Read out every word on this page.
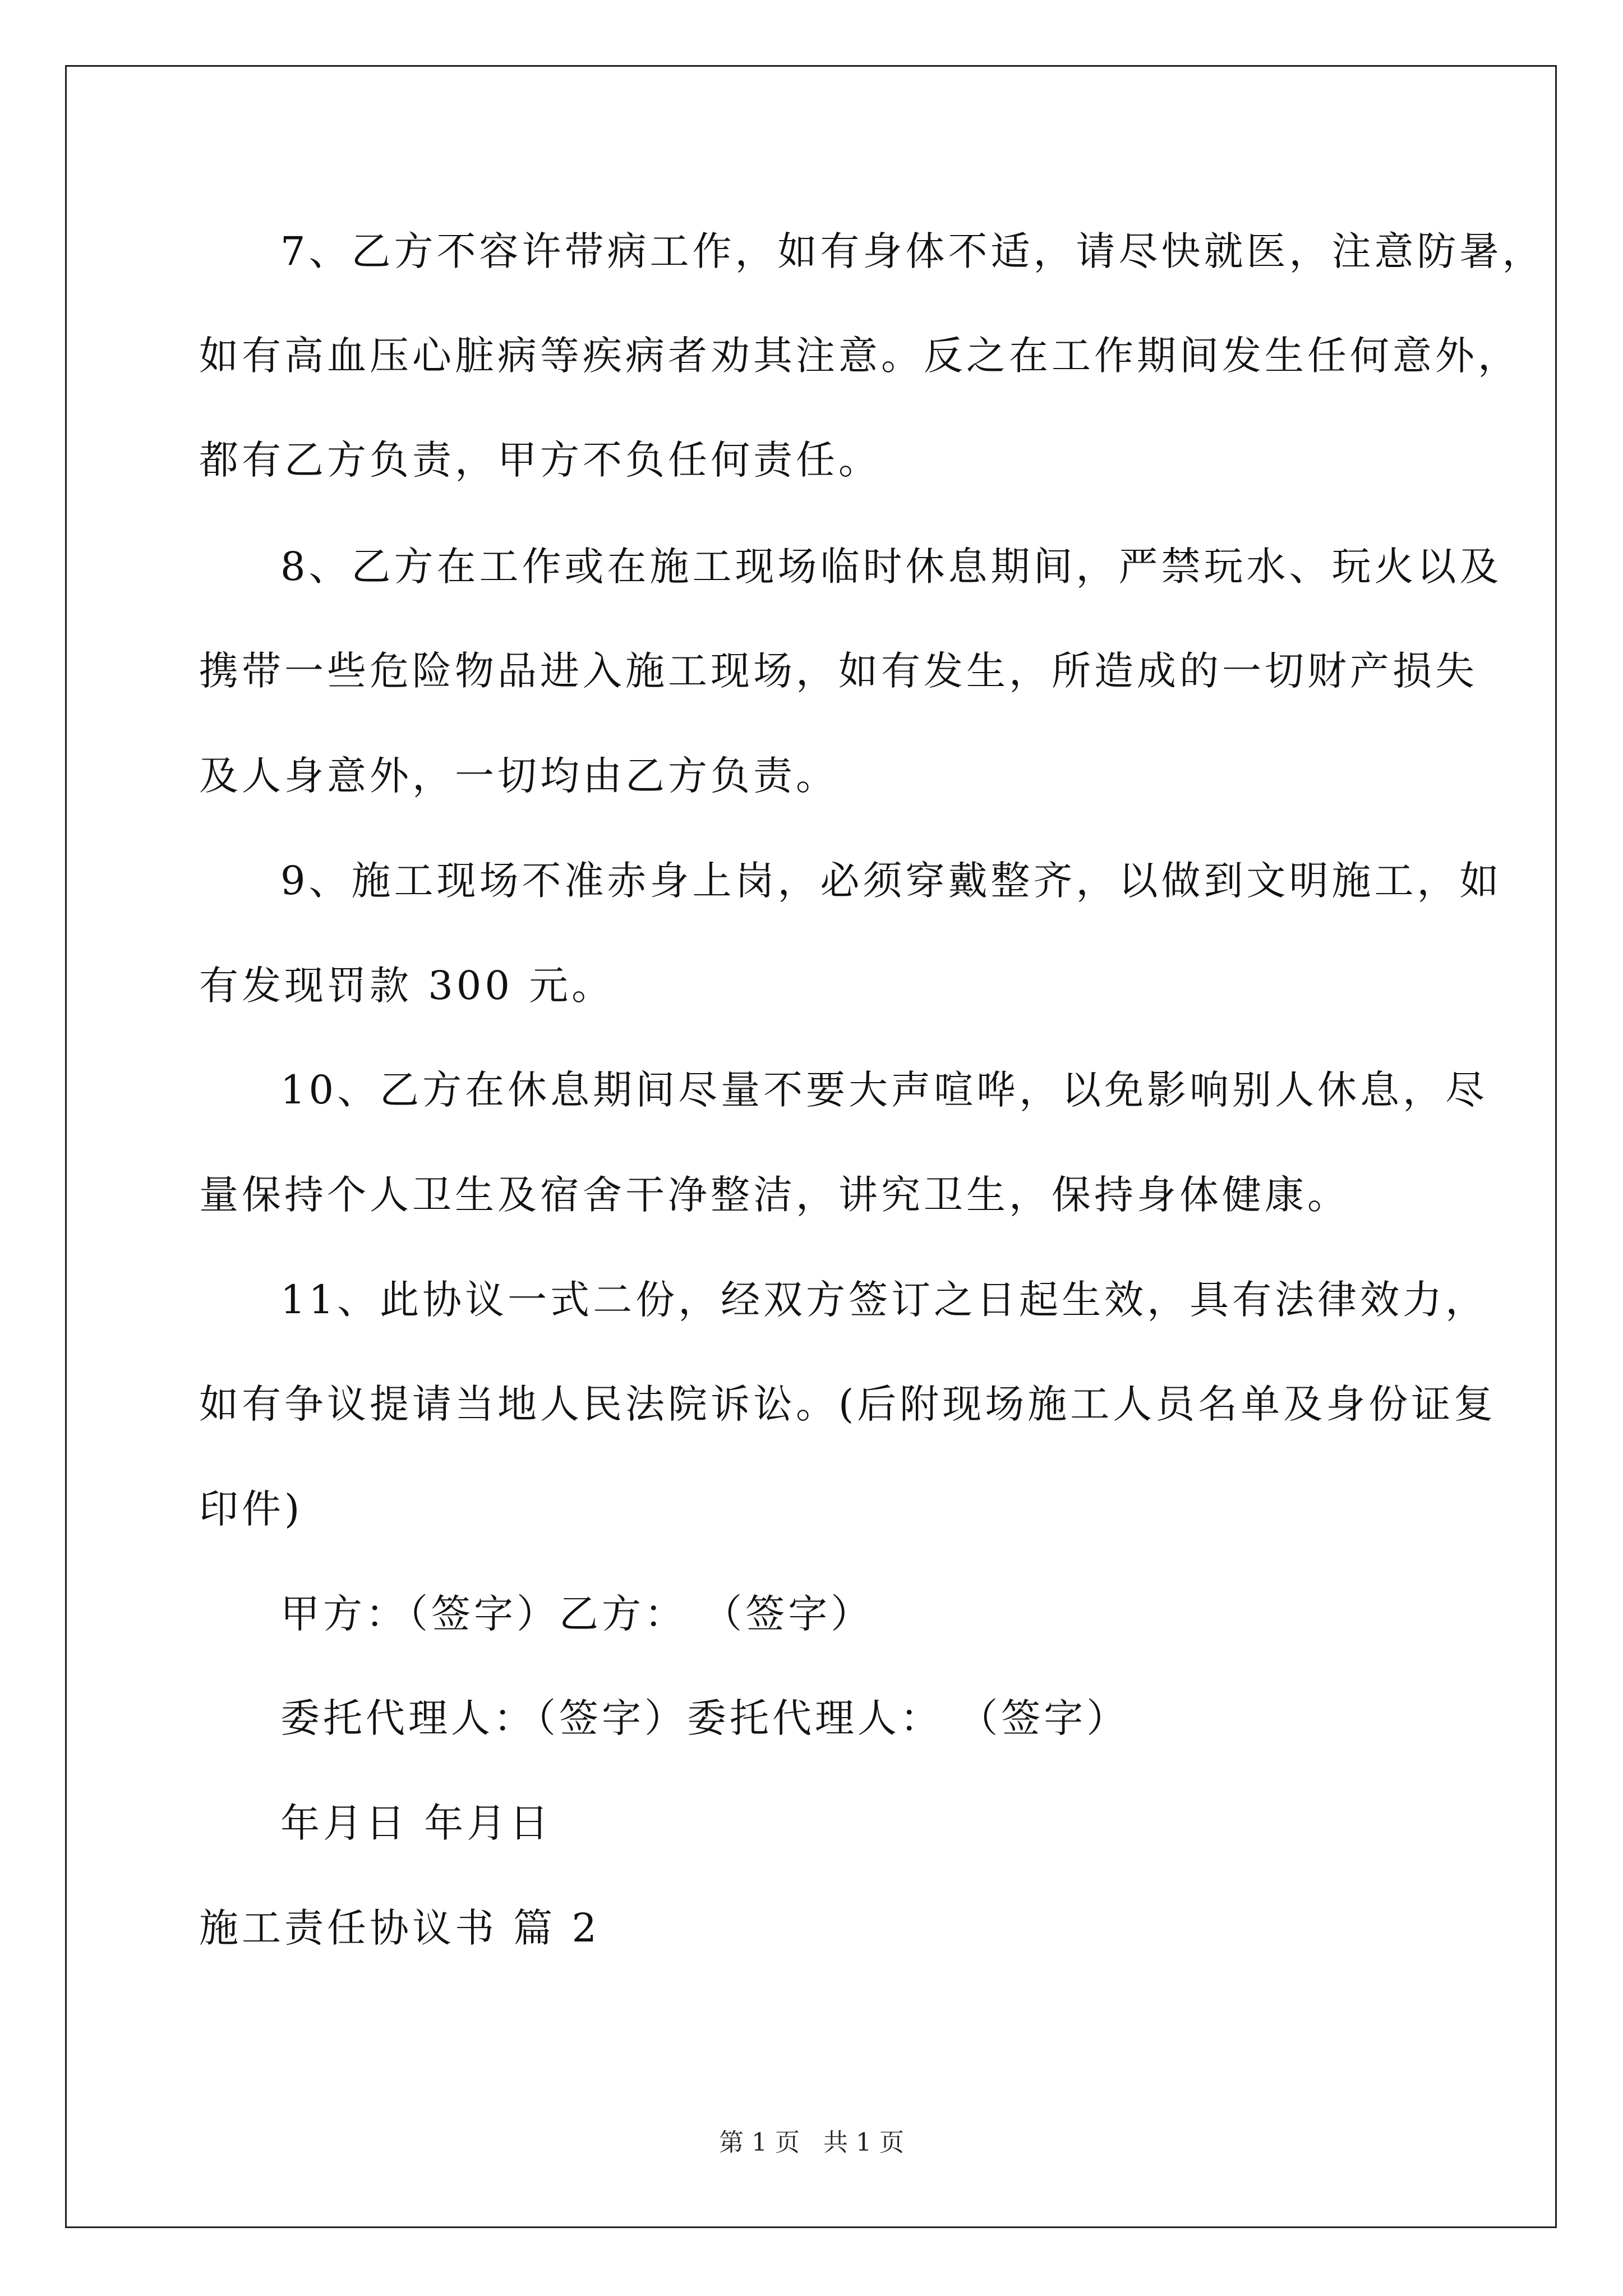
7、乙方不容许带病工作，如有身体不适，请尽快就医，注意防暑，
如有高血压心脏病等疾病者劝其注意。反之在工作期间发生任何意外，
都有乙方负责，甲方不负任何责任。
8、乙方在工作或在施工现场临时休息期间，严禁玩水、玩火以及
携带一些危险物品进入施工现场，如有发生，所造成的一切财产损失
及人身意外，一切均由乙方负责。
9、施工现场不准赤身上岗，必须穿戴整齐，以做到文明施工，如
有发现罚款 300 元。
10、乙方在休息期间尽量不要大声喧哗，以免影响别人休息，尽
量保持个人卫生及宿舍干净整洁，讲究卫生，保持身体健康。
11、此协议一式二份，经双方签订之日起生效，具有法律效力，
如有争议提请当地人民法院诉讼。(后附现场施工人员名单及身份证复
印件)
甲方：（签字）乙方： （签字）
委托代理人：（签字）委托代理人： （签字）
年月日 年月日
施工责任协议书 篇 2
第 1 页 共 1 页
